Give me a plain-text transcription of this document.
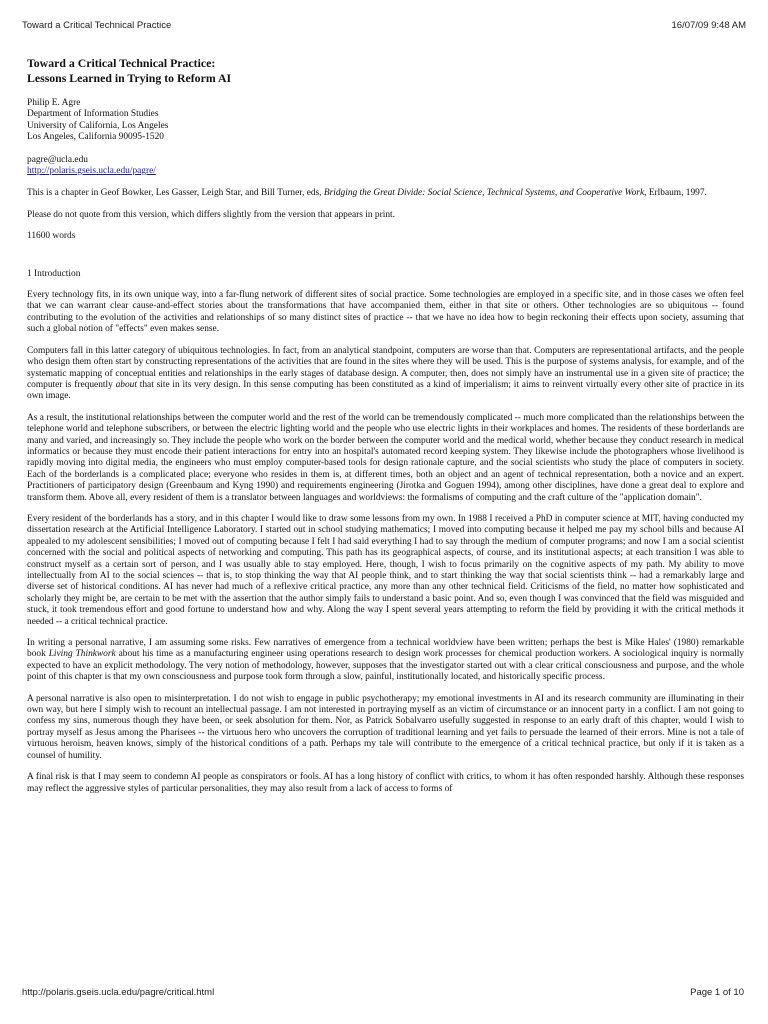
Toward a Critical Technical Practice	16/07/09 9:48 AM
Toward a Critical Technical Practice:
Lessons Learned in Trying to Reform AI
Philip E. Agre
Department of Information Studies
University of California, Los Angeles
Los Angeles, California 90095-1520
pagre@ucla.edu
http://polaris.gseis.ucla.edu/pagre/

This is a chapter in Geof Bowker, Les Gasser, Leigh Star, and Bill Turner, eds, Bridging the Great Divide: Social Science, Technical Systems, and Cooperative Work, Erlbaum, 1997.

Please do not quote from this version, which differs slightly from the version that appears in print.

11600 words

1 Introduction

Every technology fits, in its own unique way, into a far-flung network of different sites of social practice. Some technologies are employed in a specific site, and in those cases we often feel that we can warrant clear cause-and-effect stories about the transformations that have accompanied them, either in that site or others. Other technologies are so ubiquitous -- found contributing to the evolution of the activities and relationships of so many distinct sites of practice -- that we have no idea how to begin reckoning their effects upon society, assuming that such a global notion of "effects" even makes sense.

Computers fall in this latter category of ubiquitous technologies. In fact, from an analytical standpoint, computers are worse than that. Computers are representational artifacts, and the people who design them often start by constructing representations of the activities that are found in the sites where they will be used. This is the purpose of systems analysis, for example, and of the systematic mapping of conceptual entities and relationships in the early stages of database design. A computer, then, does not simply have an instrumental use in a given site of practice; the computer is frequently about that site in its very design. In this sense computing has been constituted as a kind of imperialism; it aims to reinvent virtually every other site of practice in its own image.

As a result, the institutional relationships between the computer world and the rest of the world can be tremendously complicated -- much more complicated than the relationships between the telephone world and telephone subscribers, or between the electric lighting world and the people who use electric lights in their workplaces and homes. The residents of these borderlands are many and varied, and increasingly so. They include the people who work on the border between the computer world and the medical world, whether because they conduct research in medical informatics or because they must encode their patient interactions for entry into an hospital's automated record keeping system. They likewise include the photographers whose livelihood is rapidly moving into digital media, the engineers who must employ computer-based tools for design rationale capture, and the social scientists who study the place of computers in society. Each of the borderlands is a complicated place; everyone who resides in them is, at different times, both an object and an agent of technical representation, both a novice and an expert. Practitioners of participatory design (Greenbaum and Kyng 1990) and requirements engineering (Jirotka and Goguen 1994), among other disciplines, have done a great deal to explore and transform them. Above all, every resident of them is a translator between languages and worldviews: the formalisms of computing and the craft culture of the "application domain".

Every resident of the borderlands has a story, and in this chapter I would like to draw some lessons from my own. In 1988 I received a PhD in computer science at MIT, having conducted my dissertation research at the Artificial Intelligence Laboratory. I started out in school studying mathematics; I moved into computing because it helped me pay my school bills and because AI appealed to my adolescent sensibilities; I moved out of computing because I felt I had said everything I had to say through the medium of computer programs; and now I am a social scientist concerned with the social and political aspects of networking and computing. This path has its geographical aspects, of course, and its institutional aspects; at each transition I was able to construct myself as a certain sort of person, and I was usually able to stay employed. Here, though, I wish to focus primarily on the cognitive aspects of my path. My ability to move intellectually from AI to the social sciences -- that is, to stop thinking the way that AI people think, and to start thinking the way that social scientists think -- had a remarkably large and diverse set of historical conditions. AI has never had much of a reflexive critical practice, any more than any other technical field. Criticisms of the field, no matter how sophisticated and scholarly they might be, are certain to be met with the assertion that the author simply fails to understand a basic point. And so, even though I was convinced that the field was misguided and stuck, it took tremendous effort and good fortune to understand how and why. Along the way I spent several years attempting to reform the field by providing it with the critical methods it needed -- a critical technical practice.

In writing a personal narrative, I am assuming some risks. Few narratives of emergence from a technical worldview have been written; perhaps the best is Mike Hales' (1980) remarkable book Living Thinkwork about his time as a manufacturing engineer using operations research to design work processes for chemical production workers. A sociological inquiry is normally expected to have an explicit methodology. The very notion of methodology, however, supposes that the investigator started out with a clear critical consciousness and purpose, and the whole point of this chapter is that my own consciousness and purpose took form through a slow, painful, institutionally located, and historically specific process.

A personal narrative is also open to misinterpretation. I do not wish to engage in public psychotherapy; my emotional investments in AI and its research community are illuminating in their own way, but here I simply wish to recount an intellectual passage. I am not interested in portraying myself as an victim of circumstance or an innocent party in a conflict. I am not going to confess my sins, numerous though they have been, or seek absolution for them. Nor, as Patrick Sobalvarro usefully suggested in response to an early draft of this chapter, would I wish to portray myself as Jesus among the Pharisees -- the virtuous hero who uncovers the corruption of traditional learning and yet fails to persuade the learned of their errors. Mine is not a tale of virtuous heroism, heaven knows, simply of the historical conditions of a path. Perhaps my tale will contribute to the emergence of a critical technical practice, but only if it is taken as a counsel of humility.

A final risk is that I may seem to condemn AI people as conspirators or fools. AI has a long history of conflict with critics, to whom it has often responded harshly. Although these responses may reflect the aggressive styles of particular personalities, they may also result from a lack of access to forms of

http://polaris.gseis.ucla.edu/pagre/critical.html	Page 1 of 10
